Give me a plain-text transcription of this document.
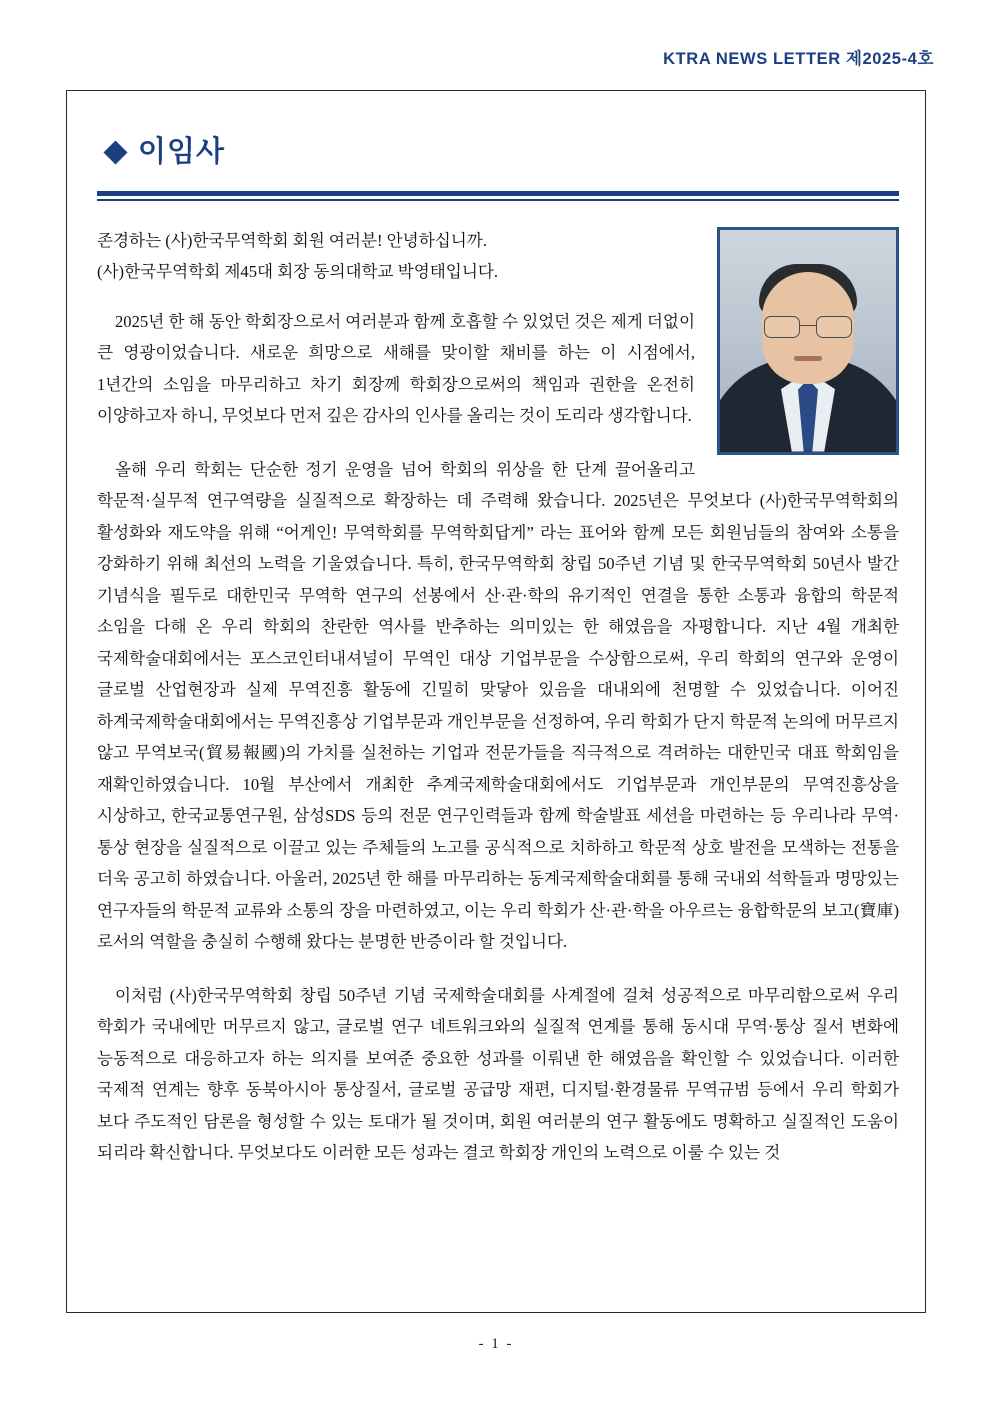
KTRA NEWS LETTER 제2025-4호
이임사

존경하는 (사)한국무역학회 회원 여러분! 안녕하십니까.

(사)한국무역학회 제45대 회장 동의대학교 박영태입니다.

2025년 한 해 동안 학회장으로서 여러분과 함께 호흡할 수 있었던 것은 제게 더없이 큰 영광이었습니다. 새로운 희망으로 새해를 맞이할 채비를 하는 이 시점에서, 1년간의 소임을 마무리하고 차기 회장께 학회장으로써의 책임과 권한을 온전히 이양하고자 하니, 무엇보다 먼저 깊은 감사의 인사를 올리는 것이 도리라 생각합니다.

올해 우리 학회는 단순한 정기 운영을 넘어 학회의 위상을 한 단계 끌어올리고 학문적·실무적 연구역량을 실질적으로 확장하는 데 주력해 왔습니다. 2025년은 무엇보다 (사)한국무역학회의 활성화와 재도약을 위해 “어게인! 무역학회를 무역학회답게” 라는 표어와 함께 모든 회원님들의 참여와 소통을 강화하기 위해 최선의 노력을 기울였습니다. 특히, 한국무역학회 창립 50주년 기념 및 한국무역학회 50년사 발간 기념식을 필두로 대한민국 무역학 연구의 선봉에서 산·관·학의 유기적인 연결을 통한 소통과 융합의 학문적 소임을 다해 온 우리 학회의 찬란한 역사를 반추하는 의미있는 한 해였음을 자평합니다. 지난 4월 개최한 국제학술대회에서는 포스코인터내셔널이 무역인 대상 기업부문을 수상함으로써, 우리 학회의 연구와 운영이 글로벌 산업현장과 실제 무역진흥 활동에 긴밀히 맞닿아 있음을 대내외에 천명할 수 있었습니다. 이어진 하계국제학술대회에서는 무역진흥상 기업부문과 개인부문을 선정하여, 우리 학회가 단지 학문적 논의에 머무르지 않고 무역보국(貿易報國)의 가치를 실천하는 기업과 전문가들을 직극적으로 격려하는 대한민국 대표 학회임을 재확인하였습니다. 10월 부산에서 개최한 추계국제학술대회에서도 기업부문과 개인부문의 무역진흥상을 시상하고, 한국교통연구원, 삼성SDS 등의 전문 연구인력들과 함께 학술발표 세션을 마련하는 등 우리나라 무역·통상 현장을 실질적으로 이끌고 있는 주체들의 노고를 공식적으로 치하하고 학문적 상호 발전을 모색하는 전통을 더욱 공고히 하였습니다. 아울러, 2025년 한 해를 마무리하는 동계국제학술대회를 통해 국내외 석학들과 명망있는 연구자들의 학문적 교류와 소통의 장을 마련하였고, 이는 우리 학회가 산·관·학을 아우르는 융합학문의 보고(寶庫)로서의 역할을 충실히 수행해 왔다는 분명한 반증이라 할 것입니다.

이처럼 (사)한국무역학회 창립 50주년 기념 국제학술대회를 사계절에 걸쳐 성공적으로 마무리함으로써 우리 학회가 국내에만 머무르지 않고, 글로벌 연구 네트워크와의 실질적 연계를 통해 동시대 무역·통상 질서 변화에 능동적으로 대응하고자 하는 의지를 보여준 중요한 성과를 이뤄낸 한 해였음을 확인할 수 있었습니다. 이러한 국제적 연계는 향후 동북아시아 통상질서, 글로벌 공급망 재편, 디지털·환경물류 무역규범 등에서 우리 학회가 보다 주도적인 담론을 형성할 수 있는 토대가 될 것이며, 회원 여러분의 연구 활동에도 명확하고 실질적인 도움이 되리라 확신합니다. 무엇보다도 이러한 모든 성과는 결코 학회장 개인의 노력으로 이룰 수 있는 것

- 1 -
